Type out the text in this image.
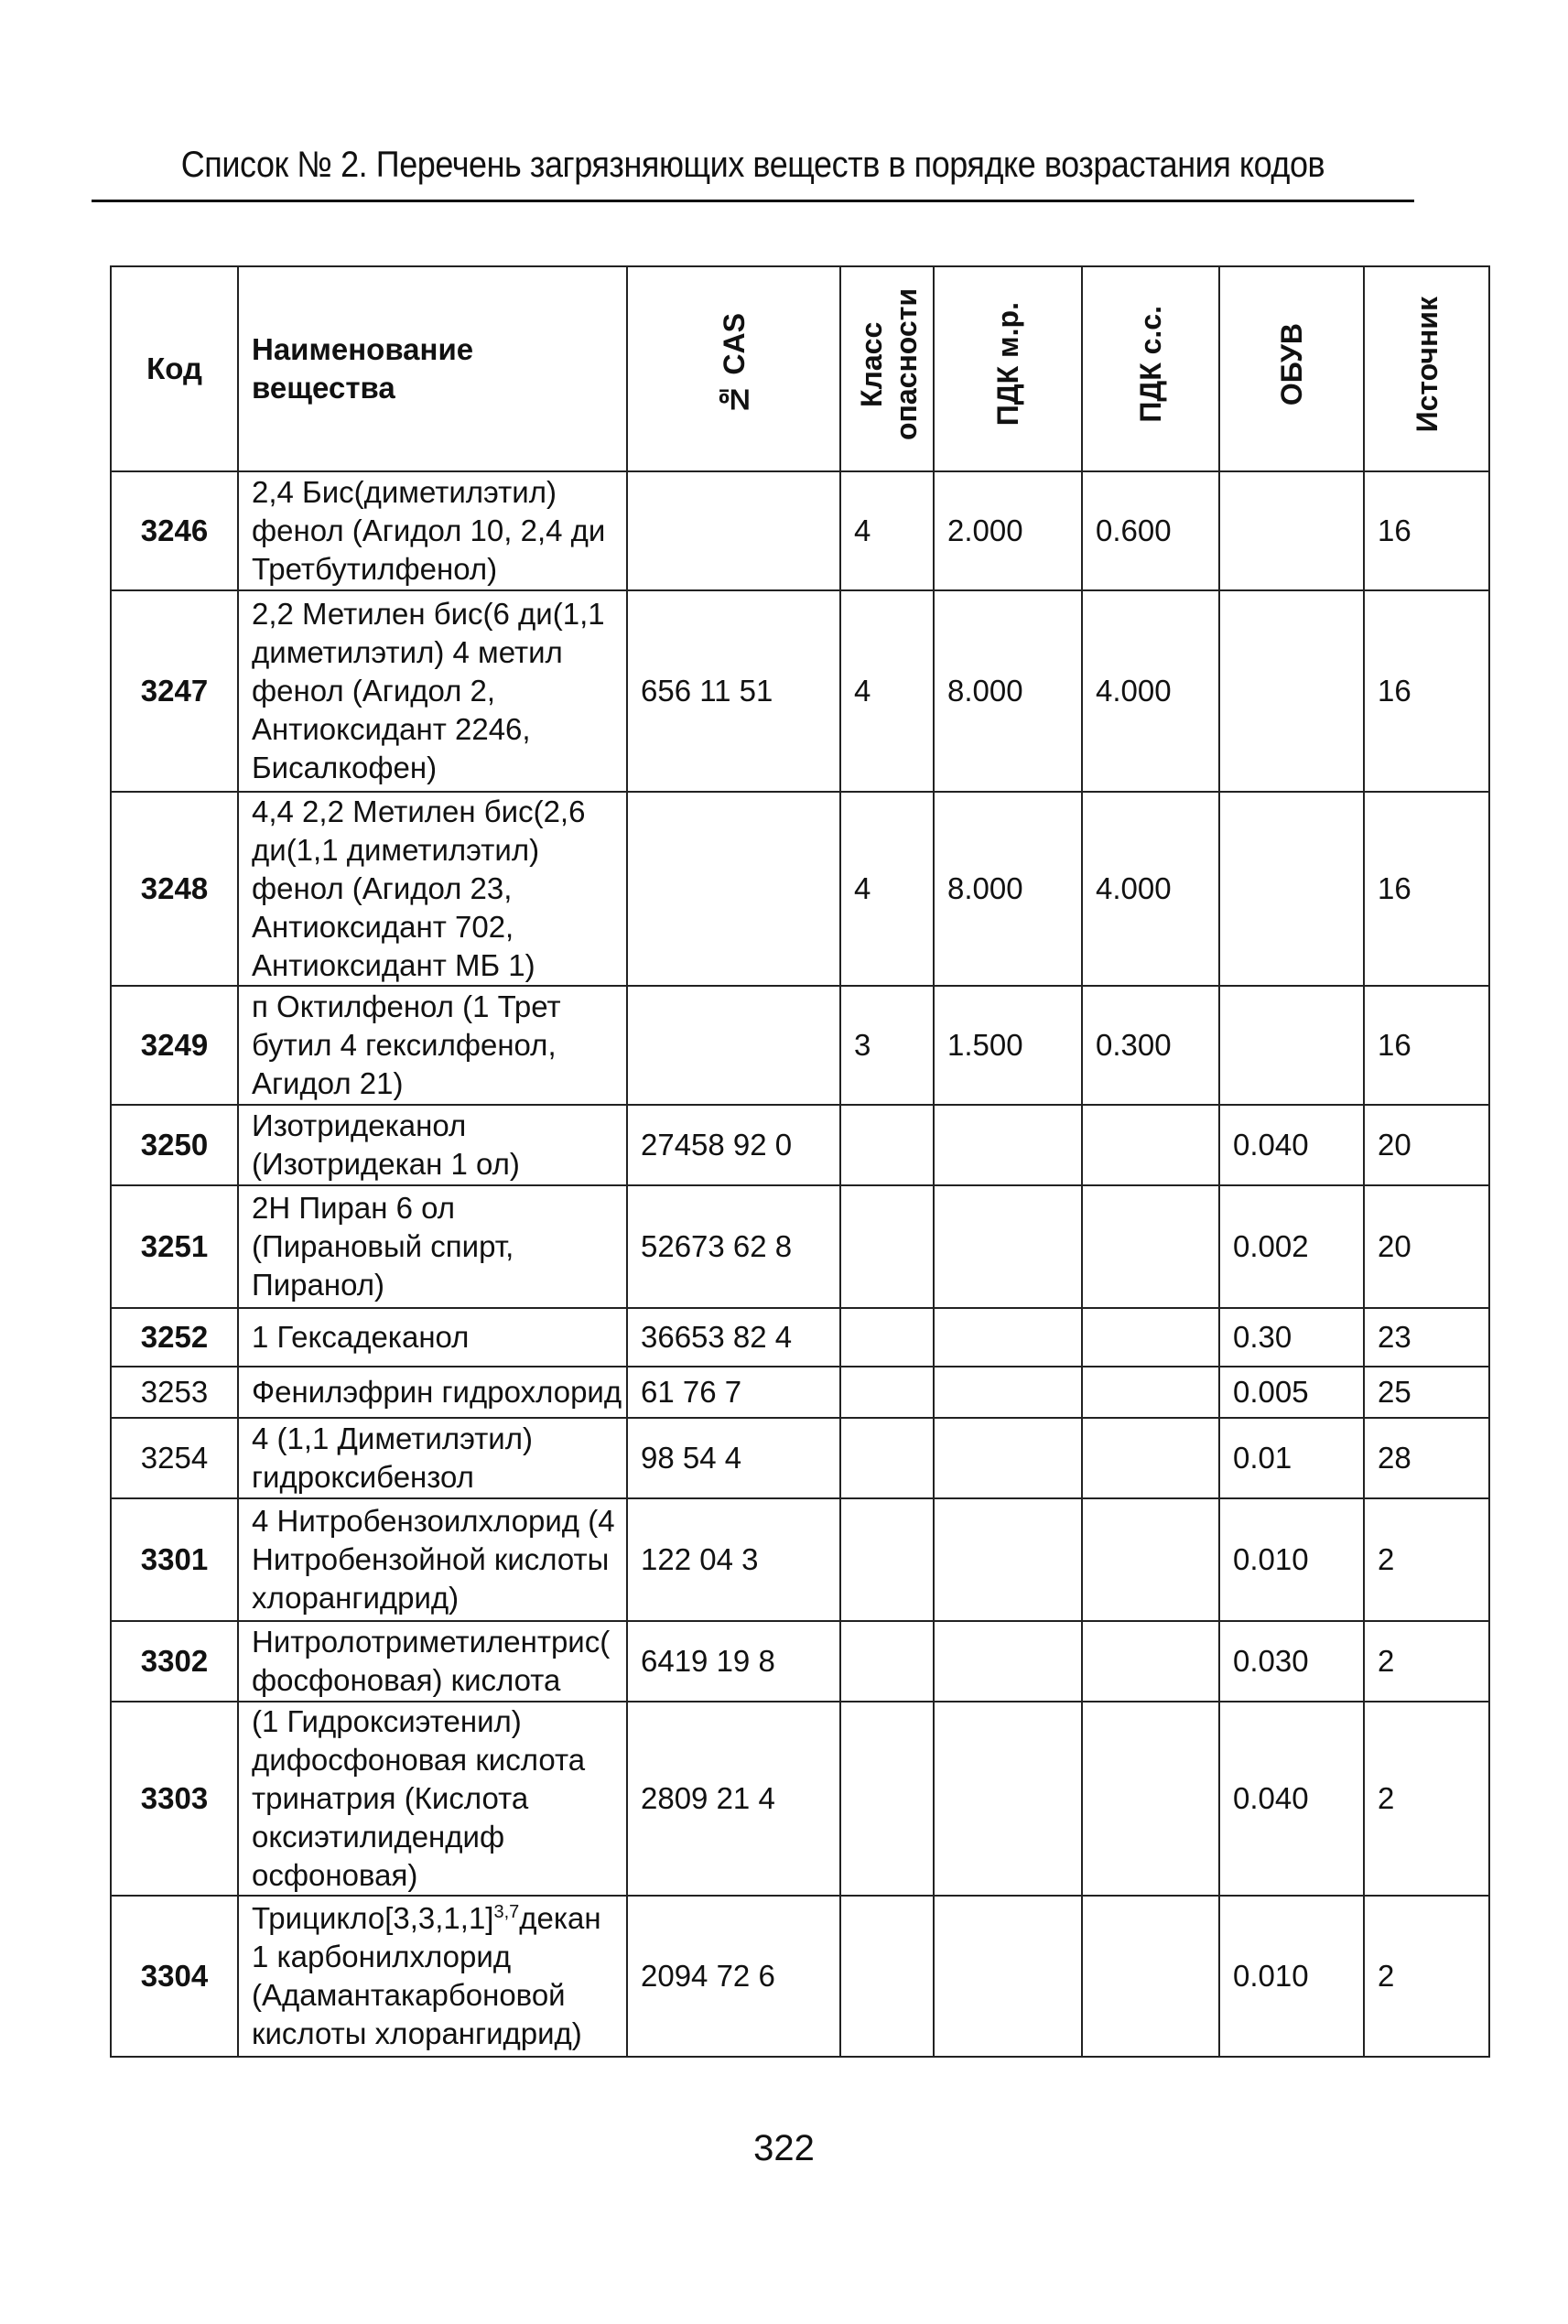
Список № 2. Перечень загрязняющих веществ в порядке возрастания кодов
Код	Наименование вещества	№ CAS	Класс опасности	ПДК м.р.	ПДК с.с.	ОБУВ	Источник
3246	2,4 Бис(диметилэтил)
фенол (Агидол 10, 2,4 ди
Третбутилфенол)		4	2.000	0.600		16
3247	2,2 Метилен бис(6 ди(1,1
диметилэтил) 4 метил
фенол (Агидол 2,
Антиоксидант 2246,
Бисалкофен)	656 11 51	4	8.000	4.000		16
3248	4,4 2,2 Метилен бис(2,6
ди(1,1 диметилэтил)
фенол (Агидол 23,
Антиоксидант 702,
Антиоксидант МБ 1)		4	8.000	4.000		16
3249	п Октилфенол (1 Трет
бутил 4 гексилфенол,
Агидол 21)		3	1.500	0.300		16
3250	Изотридеканол
(Изотридекан 1 ол)	27458 92 0				0.040	20
3251	2Н Пиран 6 ол
(Пирановый спирт,
Пиранол)	52673 62 8				0.002	20
3252	1 Гексадеканол	36653 82 4				0.30	23
3253	Фенилэфрин гидрохлорид	61 76 7				0.005	25
3254	4 (1,1 Диметилэтил)
гидроксибензол	98 54 4				0.01	28
3301	4 Нитробензоилхлорид (4
Нитробензойной кислоты
хлорангидрид)	122 04 3				0.010	2
3302	Нитролотриметилентрис(
фосфоновая) кислота	6419 19 8				0.030	2
3303	(1 Гидроксиэтенил)
дифосфоновая кислота
тринатрия (Кислота
оксиэтилидендиф
осфоновая)	2809 21 4				0.040	2
3304	$Трицикло[3,3,1,1]^{3,7}декан$
1 карбонилхлорид
(Адамантакарбоновой
кислоты хлорангидрид)	2094 72 6				0.010	2
322
